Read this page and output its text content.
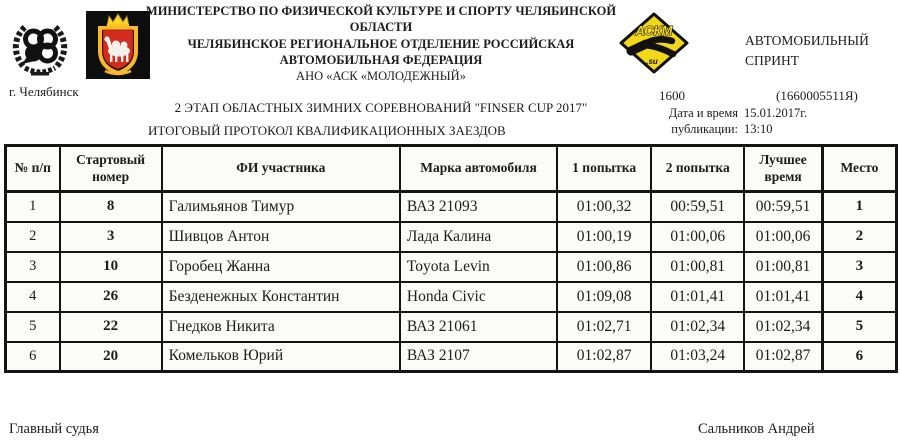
АСКМ
.su
МИНИСТЕРСТВО ПО ФИЗИЧЕСКОЙ КУЛЬТУРЕ И СПОРТУ ЧЕЛЯБИНСКОЙ ОБЛАСТИ
ЧЕЛЯБИНСКОЕ РЕГИОНАЛЬНОЕ ОТДЕЛЕНИЕ РОССИЙСКАЯ АВТОМОБИЛЬНАЯ ФЕДЕРАЦИЯ
АНО «АСК «МОЛОДЕЖНЫЙ»
2 ЭТАП ОБЛАСТНЫХ ЗИМНИХ СОРЕВНОВАНИЙ "FINSER CUP 2017"
ИТОГОВЫЙ ПРОТОКОЛ КВАЛИФИКАЦИОННЫХ ЗАЕЗДОВ
г. Челябинск
АВТОМОБИЛЬНЫЙ СПРИНТ
1600	(1660005511Я)
Дата и время
публикации:
15.01.2017г.
13:10
№ п/п	Стартовый номер	ФИ участника	Марка автомобиля	1 попытка	2 попытка	Лучшее время	Место
1	8	Галимьянов Тимур	ВАЗ 21093	01:00,32	00:59,51	00:59,51	1
2	3	Шивцов Антон	Лада Калина	01:00,19	01:00,06	01:00,06	2
3	10	Горобец Жанна	Toyota Levin	01:00,86	01:00,81	01:00,81	3
4	26	Безденежных Константин	Honda Civic	01:09,08	01:01,41	01:01,41	4
5	22	Гнедков Никита	ВАЗ 21061	01:02,71	01:02,34	01:02,34	5
6	20	Комельков Юрий	ВАЗ 2107	01:02,87	01:03,24	01:02,87	6
Главный судья	Сальников Андрей
